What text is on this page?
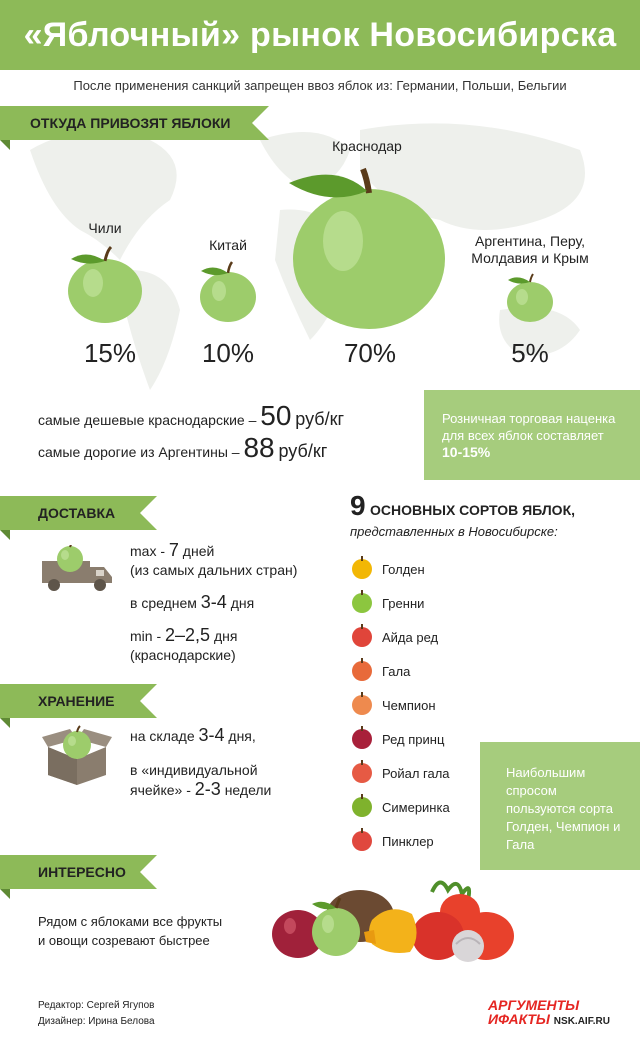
«Яблочный» рынок Новосибирска
После применения санкций запрещен ввоз яблок из: Германии, Польши, Бельгии
ОТКУДА ПРИВОЗЯТ ЯБЛОКИ
Чили
15%
Китай
10%
Краснодар
70%
Аргентина, Перу, Молдавия и Крым
5%
самые дешевые краснодарские – 50 руб/кг
самые дорогие из Аргентины – 88 руб/кг
Розничная торговая наценка для всех яблок составляет 10-15%
ДОСТАВКА
max - 7 дней
(из самых дальних стран)
в среднем 3-4 дня
min - 2–2,5 дня
(краснодарские)
ХРАНЕНИЕ
на складе 3-4 дня,
в «индивидуальной
ячейке» - 2-3 недели
9 ОСНОВНЫХ СОРТОВ ЯБЛОК,
представленных в Новосибирске:
Голден
Гренни
Айда ред
Гала
Чемпион
Ред принц
Ройал гала
Симеринка
Пинклер
Наибольшим спросом пользуются сорта Голден, Чемпион и Гала
ИНТЕРЕСНО
Рядом с яблоками все фрукты
и овощи созревают быстрее
Редактор: Сергей Ягупов
Дизайнер: Ирина Белова
АРГУМЕНТЫ
ИФАКТЫ NSK.AIF.RU
